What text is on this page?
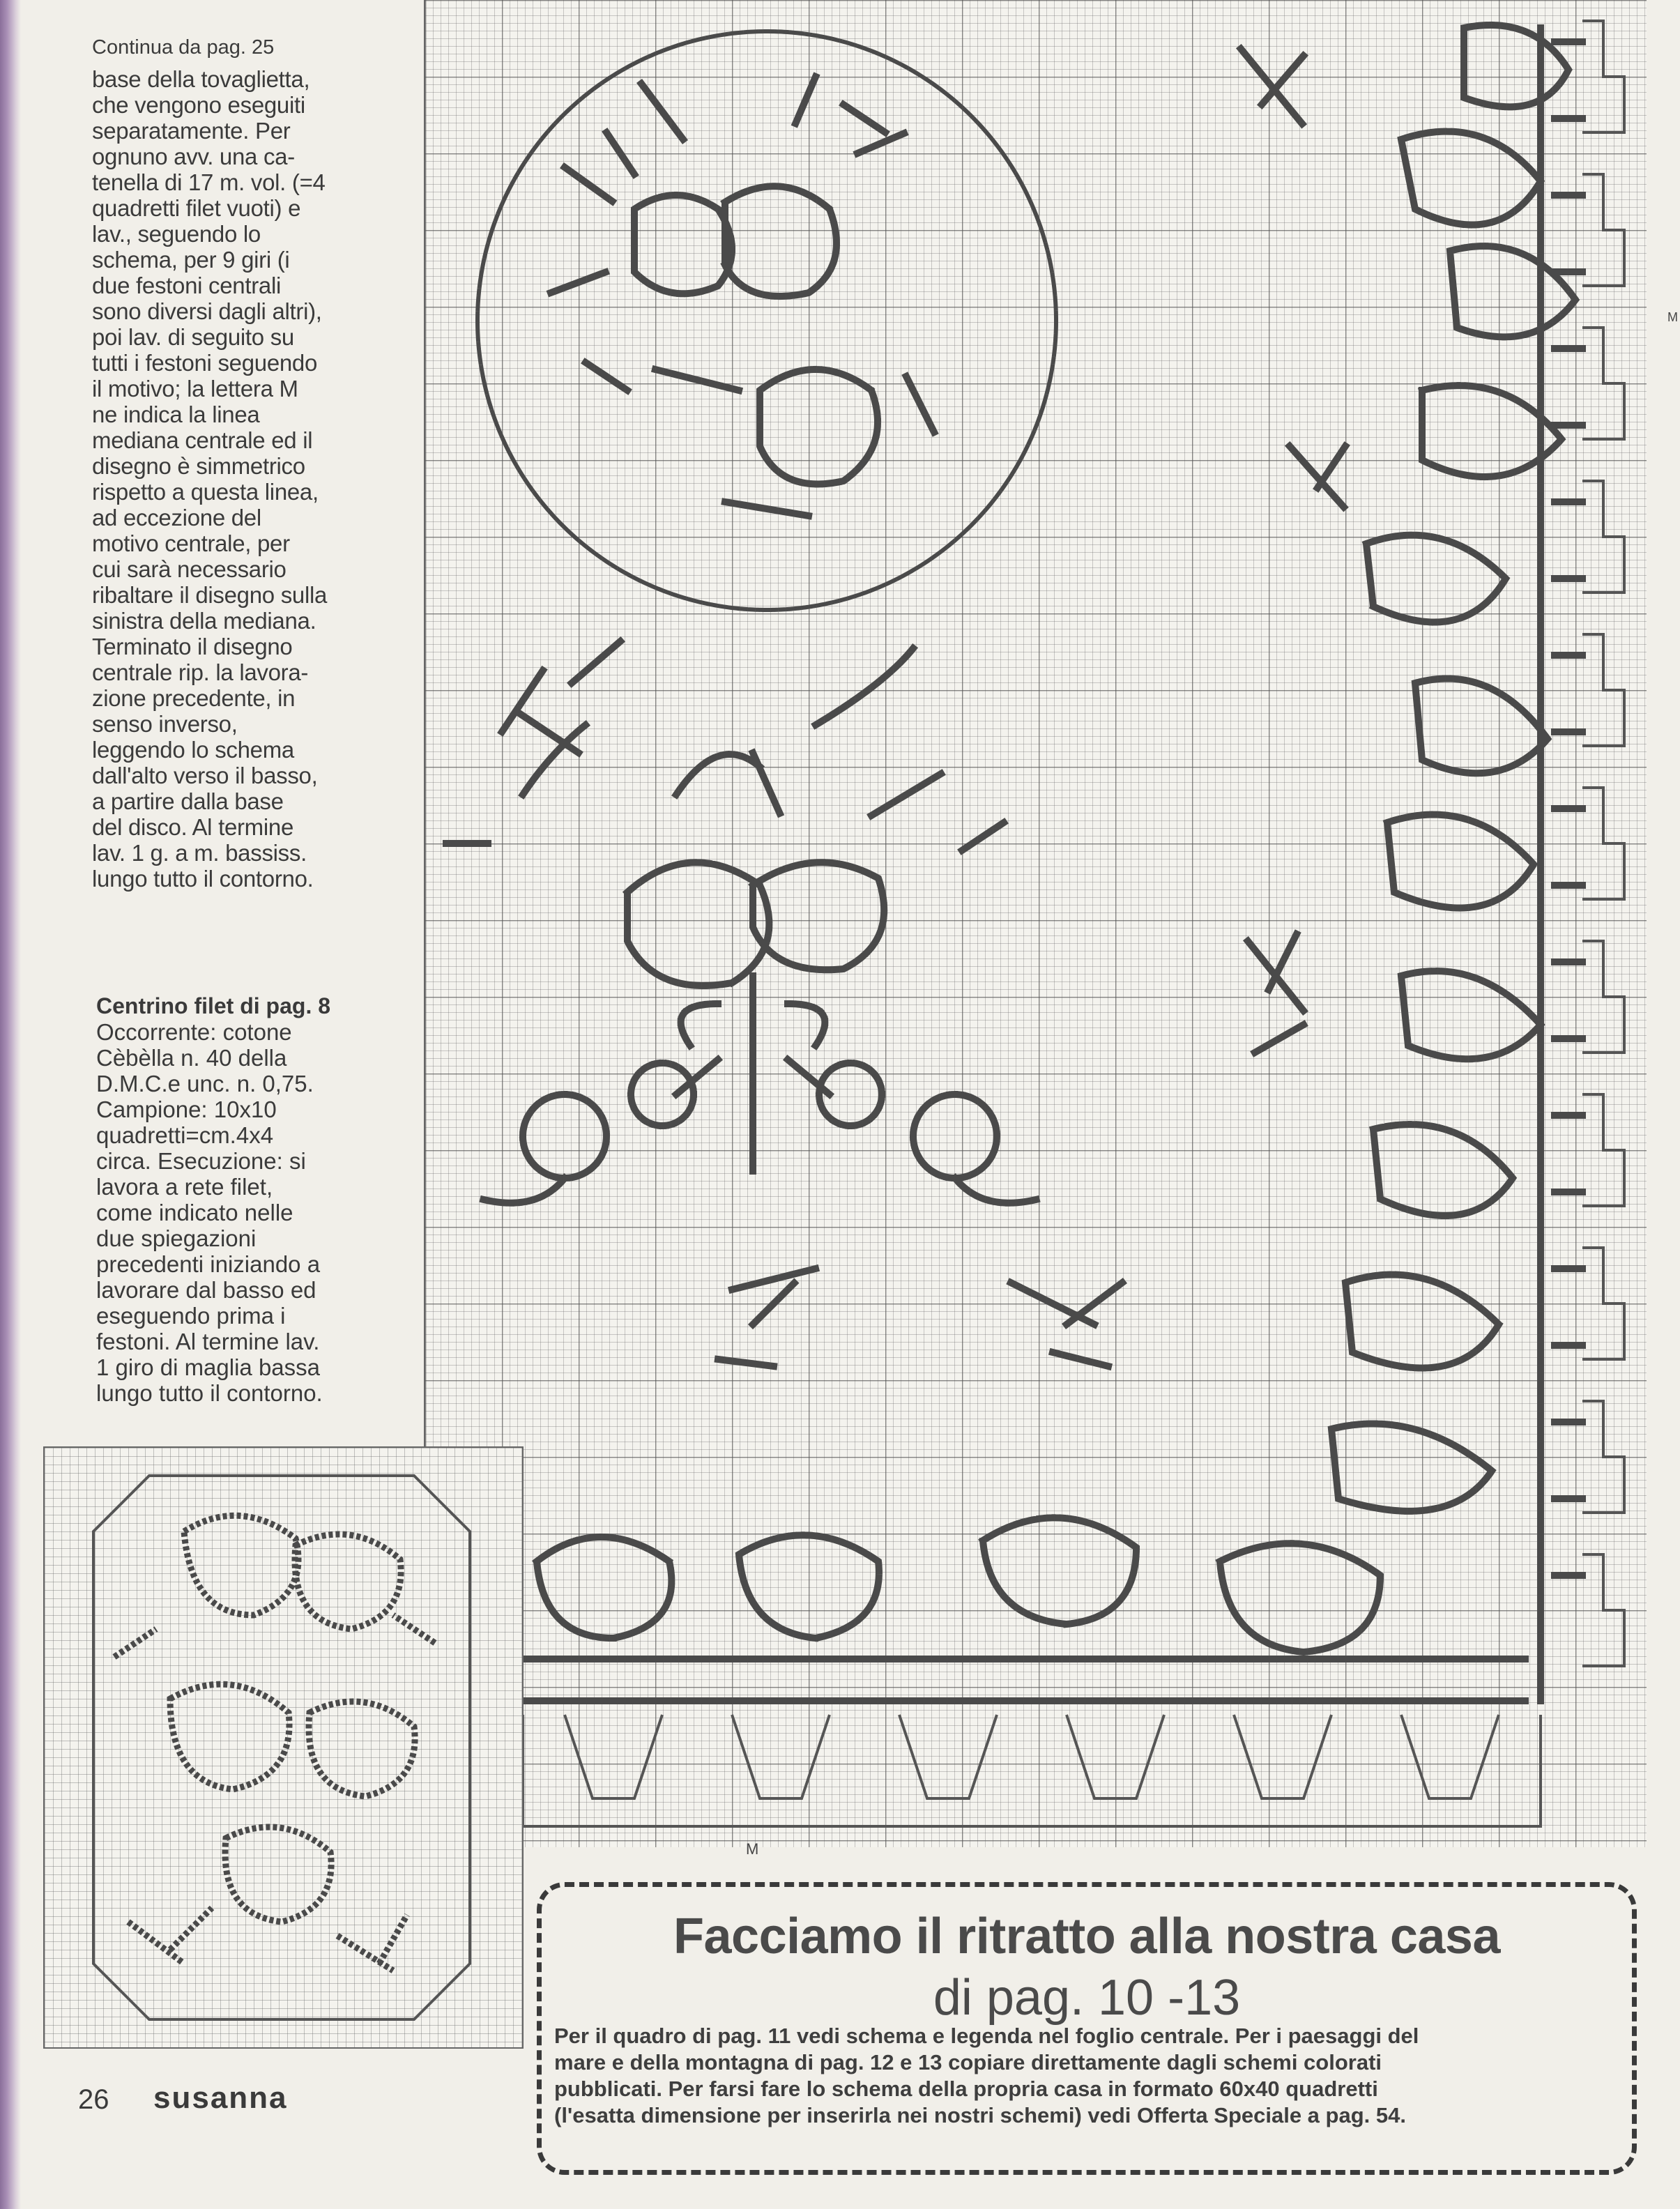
Continua da pag. 25

base della tovaglietta,

che vengono eseguiti

separatamente. Per

ognuno avv. una ca-

tenella di 17 m. vol. (=4

quadretti filet vuoti) e

lav., seguendo lo

schema, per 9 giri (i

due festoni centrali

sono diversi dagli altri),

poi lav. di seguito su

tutti i festoni seguendo

il motivo; la lettera M

ne indica la linea

mediana centrale ed il

disegno è simmetrico

rispetto a questa linea,

ad eccezione del

motivo centrale, per

cui sarà necessario

ribaltare il disegno sulla

sinistra della mediana.

Terminato il disegno

centrale rip. la lavora-

zione precedente, in

senso inverso,

leggendo lo schema

dall'alto verso il basso,

a partire dalla base

del disco. Al termine

lav. 1 g. a m. bassiss.

lungo tutto il contorno.

Centrino filet di pag. 8

Occorrente: cotone

Cèbèlla n. 40 della

D.M.C.e unc. n. 0,75.

Campione: 10x10

quadretti=cm.4x4

circa. Esecuzione: si

lavora a rete filet,

come indicato nelle

due spiegazioni

precedenti iniziando a

lavorare dal basso ed

eseguendo prima i

festoni. Al termine lav.

1 giro di maglia bassa

lungo tutto il contorno.

M
M
Facciamo il ritratto alla nostra casa
di pag. 10 -13
Per il quadro di pag. 11 vedi schema e legenda nel foglio centrale. Per i paesaggi del
mare e della montagna di pag. 12 e 13 copiare direttamente dagli schemi colorati
pubblicati. Per farsi fare lo schema della propria casa in formato 60x40 quadretti
(l'esatta dimensione per inserirla nei nostri schemi) vedi Offerta Speciale a pag. 54.
26 susanna
